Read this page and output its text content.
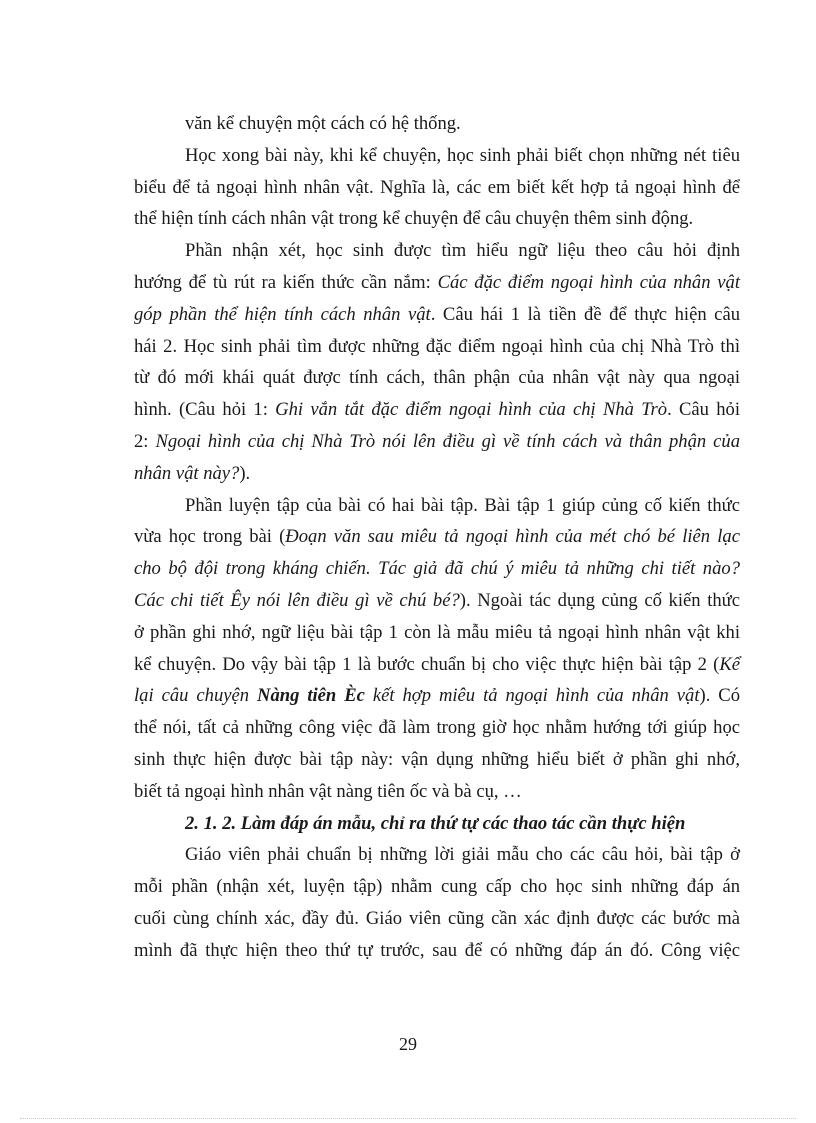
văn kể chuyện một cách có hệ thống.
Học xong bài này, khi kể chuyện, học sinh phải biết chọn những nét tiêu
biểu để tả ngoại hình nhân vật. Nghĩa là, các em biết kết hợp tả ngoại hình để
thể hiện tính cách nhân vật trong kể chuyện để câu chuyện thêm sinh động.
Phần nhận xét, học sinh được tìm hiểu ngữ liệu theo câu hỏi định
hướng để tù rút ra kiến thức cần nắm: Các đặc điểm ngoại hình của nhân vật
góp phần thể hiện tính cách nhân vật. Câu hái 1 là tiền đề để thực hiện câu
hái 2. Học sinh phải tìm được những đặc điểm ngoại hình của chị Nhà Trò thì
từ đó mới khái quát được tính cách, thân phận của nhân vật này qua ngoại
hình. (Câu hỏi 1: Ghi vắn tắt đặc điểm ngoại hình của chị Nhà Trò. Câu hỏi
2: Ngoại hình của chị Nhà Trò nói lên điều gì về tính cách và thân phận của
nhân vật này?).
Phần luyện tập của bài có hai bài tập. Bài tập 1 giúp củng cố kiến thức
vừa học trong bài (Đoạn văn sau miêu tả ngoại hình của mét chó bé liên lạc
cho bộ đội trong kháng chiến. Tác giả đã chú ý miêu tả những chi tiết nào?
Các chi tiết Êy nói lên điều gì về chú bé?). Ngoài tác dụng củng cố kiến thức
ở phần ghi nhớ, ngữ liệu bài tập 1 còn là mẫu miêu tả ngoại hình nhân vật khi
kể chuyện. Do vậy bài tập 1 là bước chuẩn bị cho việc thực hiện bài tập 2 (Kể
lại câu chuyện Nàng tiên Èc kết hợp miêu tả ngoại hình của nhân vật). Có
thể nói, tất cả những công việc đã làm trong giờ học nhằm hướng tới giúp học
sinh thực hiện được bài tập này: vận dụng những hiểu biết ở phần ghi nhớ,
biết tả ngoại hình nhân vật nàng tiên ốc và bà cụ, …
2. 1. 2. Làm đáp án mẫu, chỉ ra thứ tự các thao tác cần thực hiện
Giáo viên phải chuẩn bị những lời giải mẫu cho các câu hỏi, bài tập ở
mỗi phần (nhận xét, luyện tập) nhằm cung cấp cho học sinh những đáp án
cuối cùng chính xác, đầy đủ. Giáo viên cũng cần xác định được các bước mà
mình đã thực hiện theo thứ tự trước, sau để có những đáp án đó. Công việc
29
